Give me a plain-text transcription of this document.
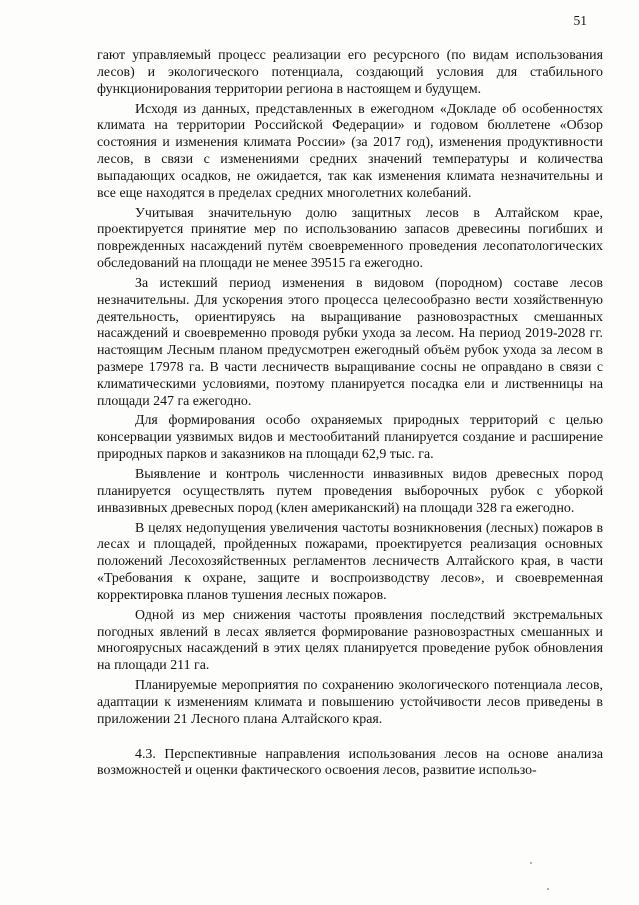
51

гают управляемый процесс реализации его ресурсного (по видам использования лесов) и экологического потенциала, создающий условия для стабильного функционирования территории региона в настоящем и будущем.

Исходя из данных, представленных в ежегодном «Докладе об особенностях климата на территории Российской Федерации» и годовом бюллетене «Обзор состояния и изменения климата России» (за 2017 год), изменения продуктивности лесов, в связи с изменениями средних значений температуры и количества выпадающих осадков, не ожидается, так как изменения климата незначительны и все еще находятся в пределах средних многолетних колебаний.

Учитывая значительную долю защитных лесов в Алтайском крае, проектируется принятие мер по использованию запасов древесины погибших и поврежденных насаждений путём своевременного проведения лесопатологических обследований на площади не менее 39515 га ежегодно.

За истекший период изменения в видовом (породном) составе лесов незначительны. Для ускорения этого процесса целесообразно вести хозяйственную деятельность, ориентируясь на выращивание разновозрастных смешанных насаждений и своевременно проводя рубки ухода за лесом. На период 2019-2028 гг. настоящим Лесным планом предусмотрен ежегодный объём рубок ухода за лесом в размере 17978 га. В части лесничеств выращивание сосны не оправдано в связи с климатическими условиями, поэтому планируется посадка ели и лиственницы на площади 247 га ежегодно.

Для формирования особо охраняемых природных территорий с целью консервации уязвимых видов и местообитаний планируется создание и расширение природных парков и заказников на площади 62,9 тыс. га.

Выявление и контроль численности инвазивных видов древесных пород планируется осуществлять путем проведения выборочных рубок с уборкой инвазивных древесных пород (клен американский) на площади 328 га ежегодно.

В целях недопущения увеличения частоты возникновения (лесных) пожаров в лесах и площадей, пройденных пожарами, проектируется реализация основных положений Лесохозяйственных регламентов лесничеств Алтайского края, в части «Требования к охране, защите и воспроизводству лесов», и своевременная корректировка планов тушения лесных пожаров.

Одной из мер снижения частоты проявления последствий экстремальных погодных явлений в лесах является формирование разновозрастных смешанных и многоярусных насаждений в этих целях планируется проведение рубок обновления на площади 211 га.

Планируемые мероприятия по сохранению экологического потенциала лесов, адаптации к изменениям климата и повышению устойчивости лесов приведены в приложении 21 Лесного плана Алтайского края.

4.3. Перспективные направления использования лесов на основе анализа возможностей и оценки фактического освоения лесов, развитие использо-
